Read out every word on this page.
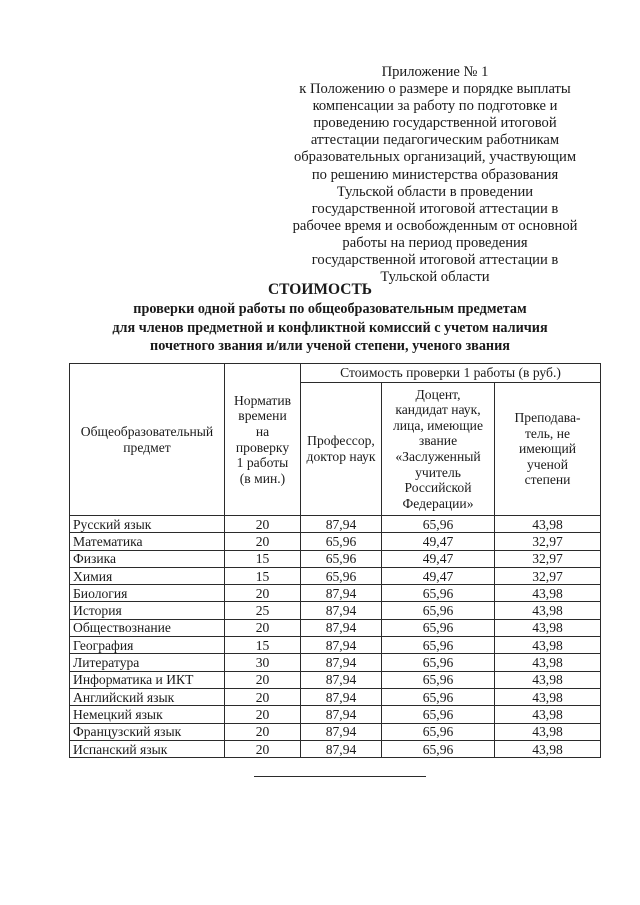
Приложение № 1
к Положению о размере и порядке выплаты
компенсации за работу по подготовке и
проведению государственной итоговой
аттестации педагогическим работникам
образовательных организаций, участвующим
по решению министерства образования
Тульской области в проведении
государственной итоговой аттестации в
рабочее время и освобожденным от основной
работы на период проведения
государственной итоговой аттестации в
Тульской области
СТОИМОСТЬ
проверки одной работы по общеобразовательным предметам
для членов предметной и конфликтной комиссий с учетом наличия
почетного звания и/или ученой степени, ученого звания
Общеобразовательный предмет	Норматив времени на проверку 1 работы (в мин.)	Стоимость проверки 1 работы (в руб.)		
		Профессор, доктор наук	Доцент, кандидат наук, лица, имеющие звание «Заслуженный учитель Российской Федерации»	Преподава-тель, не имеющий ученой степени
Русский язык	20	87,94	65,96	43,98
Математика	20	65,96	49,47	32,97
Физика	15	65,96	49,47	32,97
Химия	15	65,96	49,47	32,97
Биология	20	87,94	65,96	43,98
История	25	87,94	65,96	43,98
Обществознание	20	87,94	65,96	43,98
География	15	87,94	65,96	43,98
Литература	30	87,94	65,96	43,98
Информатика и ИКТ	20	87,94	65,96	43,98
Английский язык	20	87,94	65,96	43,98
Немецкий язык	20	87,94	65,96	43,98
Французский язык	20	87,94	65,96	43,98
Испанский язык	20	87,94	65,96	43,98
